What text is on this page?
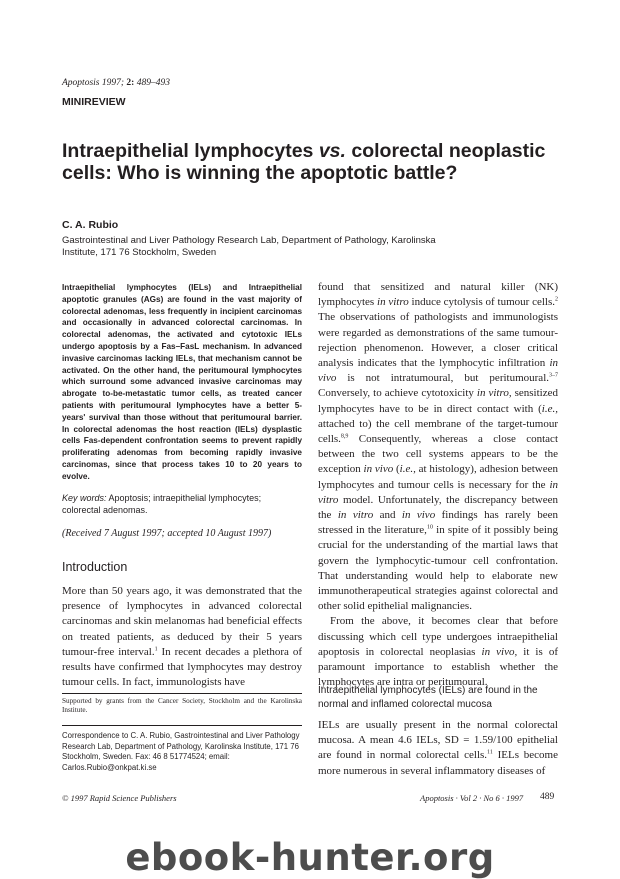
Apoptosis 1997; 2: 489–493
MINIREVIEW
Intraepithelial lymphocytes vs. colorectal neoplastic cells: Who is winning the apoptotic battle?
C. A. Rubio
Gastrointestinal and Liver Pathology Research Lab, Department of Pathology, Karolinska Institute, 171 76 Stockholm, Sweden
Intraepithelial lymphocytes (IELs) and Intraepithelial apoptotic granules (AGs) are found in the vast majority of colorectal adenomas, less frequently in incipient carcinomas and occasionally in advanced colorectal carcinomas. In colorectal adenomas, the activated and cytotoxic IELs undergo apoptosis by a Fas–FasL mechanism. In advanced invasive carcinomas lacking IELs, that mechanism cannot be activated. On the other hand, the peritumoural lymphocytes which surround some advanced invasive carcinomas may abrogate to-be-metastatic tumor cells, as treated cancer patients with peritumoural lymphocytes have a better 5-years' survival than those without that peritumoural barrier. In colorectal adenomas the host reaction (IELs) dysplastic cells Fas-dependent confrontation seems to prevent rapidly proliferating adenomas from becoming rapidly invasive carcinomas, since that process takes 10 to 20 years to evolve.
Key words: Apoptosis; intraepithelial lymphocytes; colorectal adenomas.
(Received 7 August 1997; accepted 10 August 1997)
Introduction
More than 50 years ago, it was demonstrated that the presence of lymphocytes in advanced colorectal carcinomas and skin melanomas had beneficial effects on treated patients, as deduced by their 5 years tumour-free interval.$^1$ In recent decades a plethora of results have confirmed that lymphocytes may destroy tumour cells. In fact, immunologists have
Supported by grants from the Cancer Society, Stockholm and the Karolinska Institute.
Correspondence to C. A. Rubio, Gastrointestinal and Liver Pathology Research Lab, Department of Pathology, Karolinska Institute, 171 76 Stockholm, Sweden. Fax: 46 8 51774524; email: Carlos.Rubio@onkpat.ki.se

found that sensitized and natural killer (NK) lymphocytes in vitro induce cytolysis of tumour cells.$^2$ The observations of pathologists and immunologists were regarded as demonstrations of the same tumour-rejection phenomenon. However, a closer critical analysis indicates that the lymphocytic infiltration in vivo is not intratumoural, but peritumoural.$^{3-7}$ Conversely, to achieve cytotoxicity in vitro, sensitized lymphocytes have to be in direct contact with (i.e., attached to) the cell membrane of the target-tumour cells.$^{8,9}$ Consequently, whereas a close contact between the two cell systems appears to be the exception in vivo (i.e., at histology), adhesion between lymphocytes and tumour cells is necessary for the in vitro model. Unfortunately, the discrepancy between the in vitro and in vivo findings has rarely been stressed in the literature,$^{10}$ in spite of it possibly being crucial for the understanding of the martial laws that govern the lymphocytic-tumour cell confrontation. That understanding would help to elaborate new immunotherapeutical strategies against colorectal and other solid epithelial malignancies.

From the above, it becomes clear that before discussing which cell type undergoes intraepithelial apoptosis in colorectal neoplasias in vivo, it is of paramount importance to establish whether the lymphocytes are intra or peritumoural.

Intraepithelial lymphocytes (IELs) are found in the normal and inflamed colorectal mucosa
IELs are usually present in the normal colorectal mucosa. A mean 4.6 IELs, SD = 1.59/100 epithelial are found in normal colorectal cells.$^{11}$ IELs become more numerous in several inflammatory diseases of
© 1997 Rapid Science Publishers	Apoptosis · Vol 2 · No 6 · 1997 489
ebook-hunter.org
